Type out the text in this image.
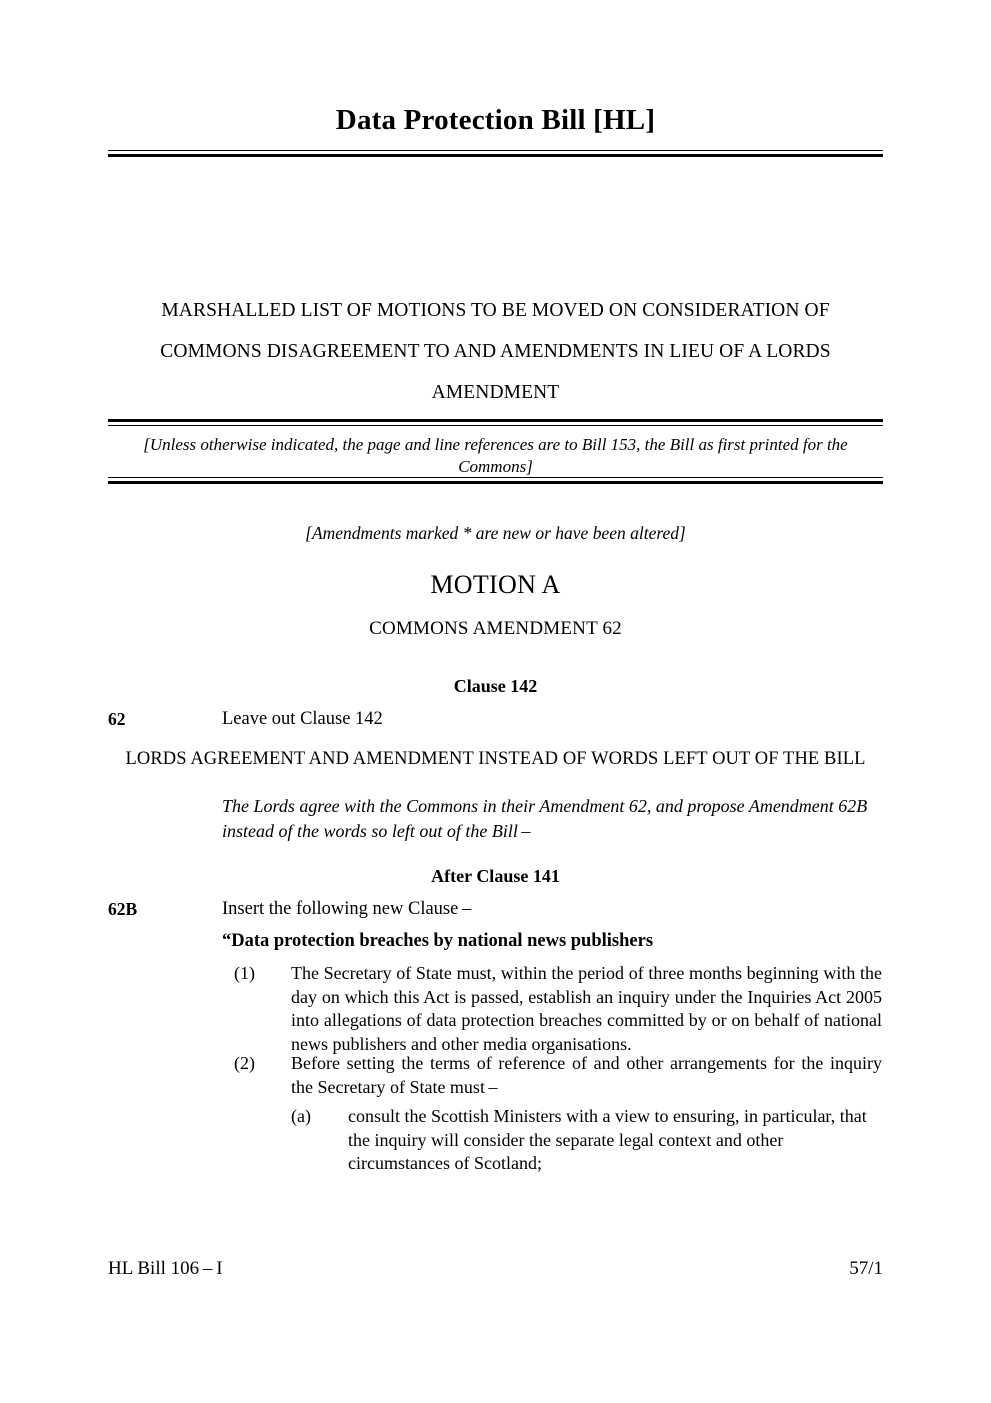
Data Protection Bill [HL]
MARSHALLED LIST OF MOTIONS TO BE MOVED ON CONSIDERATION OF COMMONS DISAGREEMENT TO AND AMENDMENTS IN LIEU OF A LORDS AMENDMENT
[Unless otherwise indicated, the page and line references are to Bill 153, the Bill as first printed for the Commons]
[Amendments marked * are new or have been altered]
MOTION A
COMMONS AMENDMENT 62
Clause 142
62	Leave out Clause 142
LORDS AGREEMENT AND AMENDMENT INSTEAD OF WORDS LEFT OUT OF THE BILL
The Lords agree with the Commons in their Amendment 62, and propose Amendment 62B instead of the words so left out of the Bill –
After Clause 141
62B	Insert the following new Clause –
“Data protection breaches by national news publishers
(1)	The Secretary of State must, within the period of three months beginning with the day on which this Act is passed, establish an inquiry under the Inquiries Act 2005 into allegations of data protection breaches committed by or on behalf of national news publishers and other media organisations.
(2)	Before setting the terms of reference of and other arrangements for the inquiry the Secretary of State must –
(a)	consult the Scottish Ministers with a view to ensuring, in particular, that the inquiry will consider the separate legal context and other circumstances of Scotland;
HL Bill 106 – I	57/1
